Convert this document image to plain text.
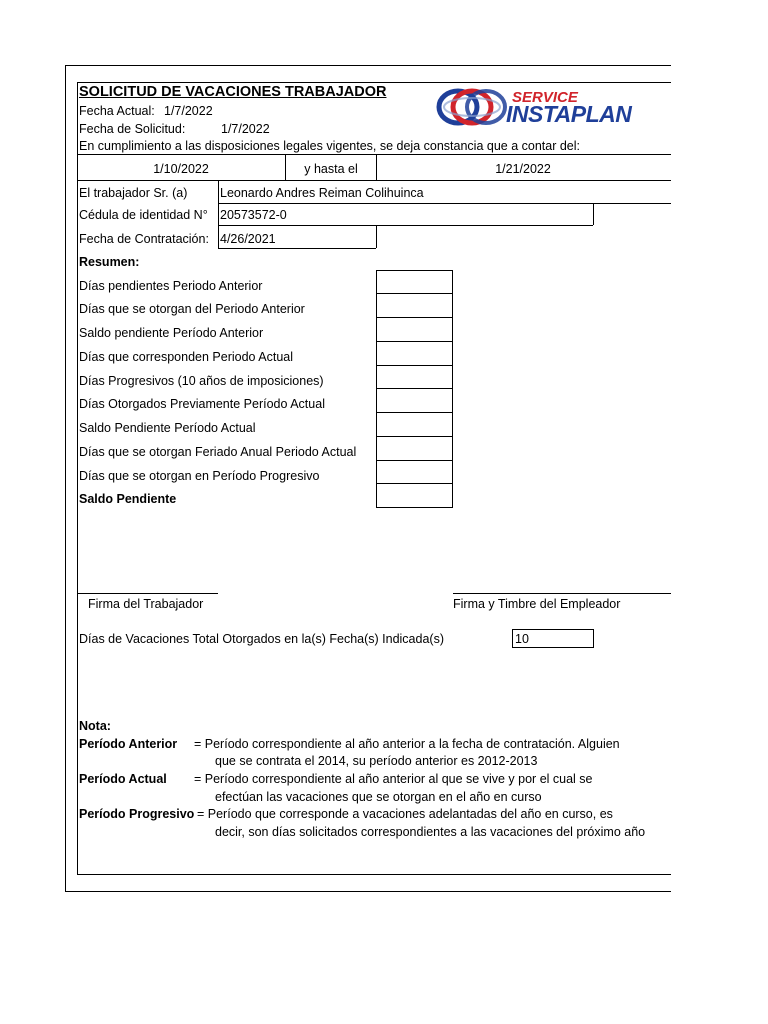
SOLICITUD DE VACACIONES TRABAJADOR	SERVICE
INSTAPLAN
Fecha Actual: 1/7/2022
Fecha de Solicitud:	1/7/2022
En cumplimiento a las disposiciones legales vigentes, se deja constancia que a contar del:
1/10/2022	y hasta el	1/21/2022
El trabajador Sr. (a)	Leonardo Andres Reiman Colihuinca
Cédula de identidad N° 20573572-0
Fecha de Contratación: 4/26/2021
Resumen:
Días pendientes Periodo Anterior
Días que se otorgan del Periodo Anterior
Saldo pendiente Período Anterior
Días que corresponden Periodo Actual
Días Progresivos (10 años de imposiciones)
Días Otorgados Previamente Período Actual
Saldo Pendiente Período Actual
Días que se otorgan Feriado Anual Periodo Actual
Días que se otorgan en Período Progresivo
Saldo Pendiente
Firma del Trabajador	Firma y Timbre del Empleador
Días de Vacaciones Total Otorgados en la(s) Fecha(s) Indicada(s)	10
Nota:
Período Anterior = Período correspondiente al año anterior a la fecha de contratación. Alguien
que se contrata el 2014, su período anterior es 2012-2013
Período Actual = Período correspondiente al año anterior al que se vive y por el cual se
efectúan las vacaciones que se otorgan en el año en curso
Período Progresivo = Período que corresponde a vacaciones adelantadas del año en curso, es
decir, son días solicitados correspondientes a las vacaciones del próximo año
